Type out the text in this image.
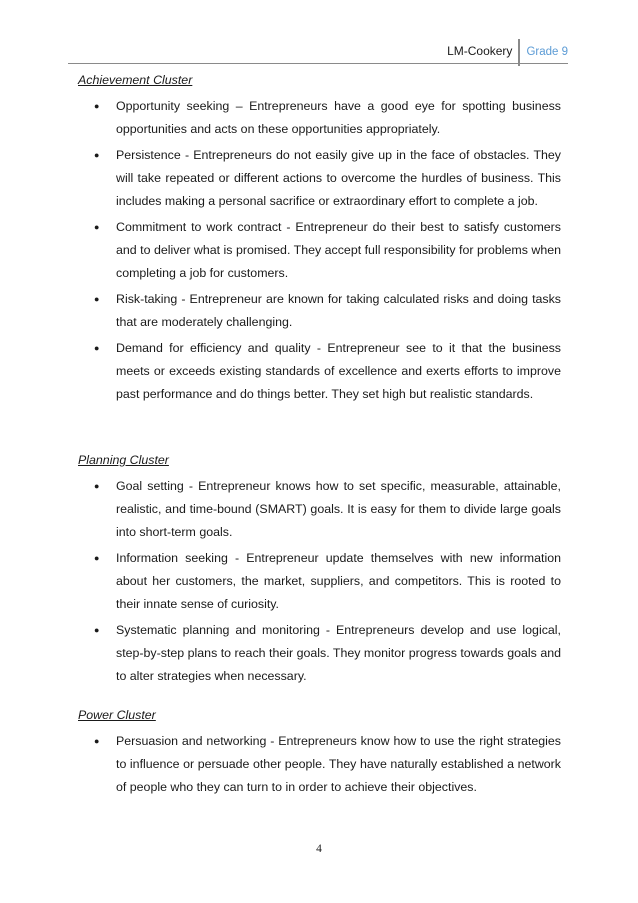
LM-Cookery	Grade 9
Achievement Cluster
● Opportunity seeking – Entrepreneurs have a good eye for spotting business opportunities and acts on these opportunities appropriately.
● Persistence - Entrepreneurs do not easily give up in the face of obstacles. They will take repeated or different actions to overcome the hurdles of business. This includes making a personal sacrifice or extraordinary effort to complete a job.
● Commitment to work contract - Entrepreneur do their best to satisfy customers and to deliver what is promised. They accept full responsibility for problems when completing a job for customers.
● Risk-taking - Entrepreneur are known for taking calculated risks and doing tasks that are moderately challenging.
● Demand for efficiency and quality - Entrepreneur see to it that the business meets or exceeds existing standards of excellence and exerts efforts to improve past performance and do things better. They set high but realistic standards.
Planning Cluster
● Goal setting - Entrepreneur knows how to set specific, measurable, attainable, realistic, and time-bound (SMART) goals. It is easy for them to divide large goals into short-term goals.
● Information seeking - Entrepreneur update themselves with new information about her customers, the market, suppliers, and competitors. This is rooted to their innate sense of curiosity.
● Systematic planning and monitoring - Entrepreneurs develop and use logical, step-by-step plans to reach their goals. They monitor progress towards goals and to alter strategies when necessary.
Power Cluster
● Persuasion and networking - Entrepreneurs know how to use the right strategies to influence or persuade other people. They have naturally established a network of people who they can turn to in order to achieve their objectives.
4
